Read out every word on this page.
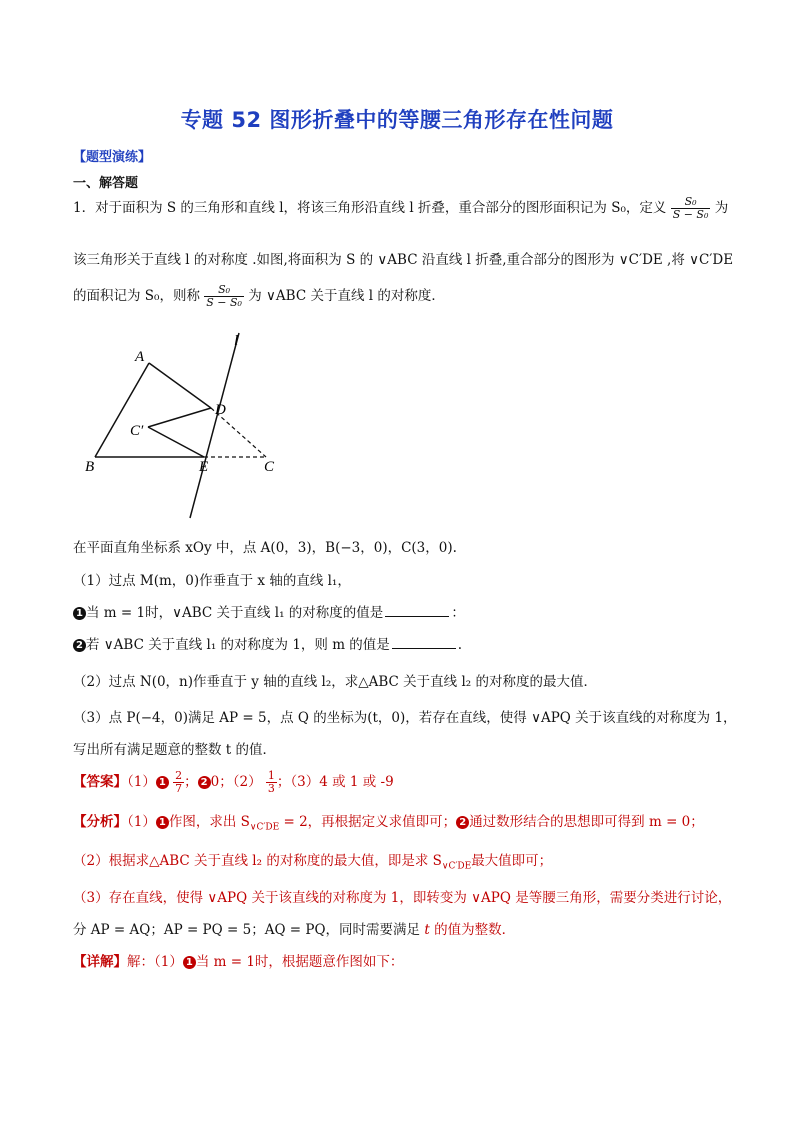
专题 52 图形折叠中的等腰三角形存在性问题
【题型演练】
一、解答题
1．对于面积为 S 的三角形和直线 l，将该三角形沿直线 l 折叠，重合部分的图形面积记为 S₀，定义 $\frac{\text{S₀}}{\text{S − S₀}}$ 为
该三角形关于直线 l 的对称度 .如图,将面积为 S 的 ∨ABC 沿直线 l 折叠,重合部分的图形为 ∨C′DE ,将 ∨C′DE
的面积记为 S₀，则称 $\frac{\text{S₀}}{\text{S − S₀}}$ 为 ∨ABC 关于直线 l 的对称度．
A
B	C
C′
D
E
l
在平面直角坐标系 xOy 中，点 A(0，3)，B(−3，0)，C(3，0).
（1）过点 M(m，0)作垂直于 x 轴的直线 l₁，
1 当 m = 1时，∨ABC 关于直线 l₁ 的对称度的值是	：
2 若 ∨ABC 关于直线 l₁ 的对称度为 1，则 m 的值是	.
（2）过点 N(0，n)作垂直于 y 轴的直线 l₂，求△ABC 关于直线 l₂ 的对称度的最大值．
（3）点 P(−4，0)满足 AP = 5，点 Q 的坐标为(t，0)，若存在直线，使得 ∨APQ 关于该直线的对称度为 1，
写出所有满足题意的整数 t 的值．
【答案】（1） $1 \frac{2}{7}$ ； 2 0；$(2) \frac{1}{3}$ ；（3）4 或 1 或 -9
【分析】（1） 1 作图，求出 $S_{\vee C'DE} = 2$，再根据定义求值即可； 2 通过数形结合的思想即可得到 m = 0；
（2）根据求△ABC 关于直线 l₂ 的对称度的最大值，即是求 $S_{\vee C'DE}$最大值即可；
（3）存在直线，使得 ∨APQ 关于该直线的对称度为 1，即转变为 ∨APQ 是等腰三角形，需要分类进行讨论，
分 AP = AQ；AP = PQ = 5；AQ = PQ，同时需要满足 t 的值为整数．
【详解】解：（1） 1 当 m = 1时，根据题意作图如下：
